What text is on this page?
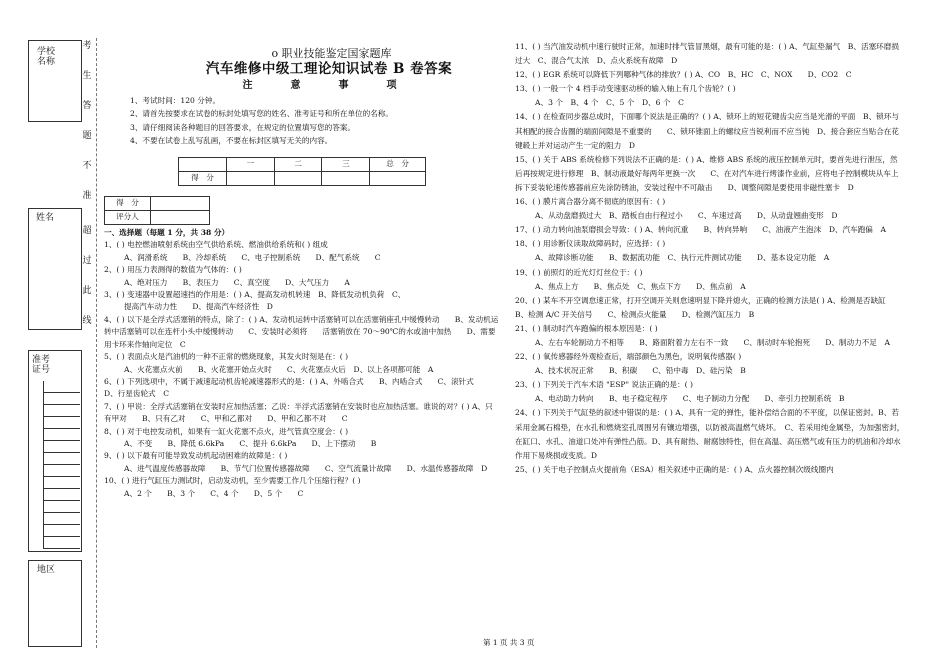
学校名称
姓名
准考证号
地区
考
生
答
题
不
准
超
过
此
线
o 职业技能鉴定国家题库
汽车维修中级工理论知识试卷 B 卷答案
注　意　事　项

1、考试时间：120 分钟。

2、请首先按要求在试卷的标封处填写您的姓名、准考证号和所在单位的名称。

3、请仔细阅读各种题目的回答要求，在规定的位置填写您的答案。

4、不要在试卷上乱写乱画，不要在标封区填写无关的内容。

	一	二	三	总　分
得　分				
得　分	
评分人	
一、选择题（每题 1 分，共 38 分）
1、( ) 电控燃油喷射系统由空气供给系统、燃油供给系统和( ) 组成
A、润滑系统　　B、冷却系统　　C、电子控制系统　　D、配气系统　　C
2、( ) 用压力表测得的数值为气体的：( )
A、绝对压力　　B、表压力　　C、真空度　　D、大气压力　　A
3、( ) 变速器中设置超速挡的作用是：( ) A、提高发动机转速　B、降低发动机负荷　C、
提高汽车动力性　　D、提高汽车经济性　D
4、( ) 以下是全浮式活塞销的特点，除了：( ) A、发动机运转中活塞销可以在活塞销座孔中缓慢转动　　B、发动机运转中活塞销可以在连杆小头中缓慢转动　　C、安装时必须将　　活塞销放在 70～90℃的水或油中加热　　D、需要用卡环来作轴向定位　C
5、( ) 表面点火是汽油机的一种不正常的燃烧现象，其发火时刻是在：( )
A、火花塞点火前　　B、火花塞开始点火时　　C、火花塞点火后　D、以上各项都可能　A
6、( ) 下列选项中，不属于减速起动机齿轮减速器形式的是：( ) A、外啮合式　　B、内啮合式　　C、滚针式　　D、行星齿轮式　C
7、( ) 甲说：全浮式活塞销在安装时应加热活塞；乙说：半浮式活塞销在安装时也应加热活塞。谁说的对？( ) A、只有甲对　　B、只有乙对　　C、甲和乙都对　　D、甲和乙都不对　　C
8、( ) 对于电控发动机，如果有一缸火花塞不点火，进气管真空度会：( )
A、不变　　B、降低 6.6kPa　　C、提升 6.6kPa　　D、上下摆动　　B
9、( ) 以下最有可能导致发动机起动困难的故障是：( )
A、进气温度传感器故障　　B、节气门位置传感器故障　　C、空气流量计故障　　D、水温传感器故障　D
10、( ) 进行气缸压力测试时，启动发动机，至少需要工作几个压缩行程？( )
A、2 个　　B、3 个　　C、4 个　　D、5 个　　C
11、( ) 当汽油发动机中速行驶时正常，加速时排气管冒黑烟，最有可能的是：( ) A、气缸垫漏气　B、活塞环磨损过大　C、混合气太浓　D、点火系统有故障　D
12、( ) EGR 系统可以降低下列哪种气体的排放？( ) A、CO　B、HC　C、NOX　　D、CO2　C
13、( ) 一般一个 4 档手动变速驱动桥的输入轴上有几个齿轮？( )
A、3 个　B、4 个　C、5 个　D、6 个　C
14、( ) 在检查同步器总成时，下面哪个说法是正确的？( ) A、锁环上的短花键齿尖应当是光滑的平面　B、锁环与其相配的接合齿圈的端面间隙是不重要的　　C、锁环锥面上的螺纹应当锐利而不应当钝　D、接合套应当贴合在花键毂上并对运动产生一定的阻力　D
15、( ) 关于 ABS 系统检修下列说法不正确的是：( ) A、维修 ABS 系统的液压控制单元时，要首先进行泄压，然后再按规定进行修理　B、制动液最好每两年更换一次　　C、在对汽车进行烤漆作业前，应将电子控制模块从车上拆下妥装轮速传感器前应先涂防锈油，安装过程中不可敲击　　D、调整间隙是要使用非磁性塞卡　D
16、( ) 膜片离合器分离不彻底的原因有：( )
A、从动盘磨损过大　B、踏板自由行程过小　　C、车速过高　　D、从动盘翘曲变形　D
17、( ) 动力转向油泵磨损会导致：( ) A、转向沉重　　B、转向异响　　C、油液产生泡沫　D、汽车跑偏　A
18、( ) 用诊断仪读取故障码时，应选择：( )
A、故障诊断功能　　B、数据流功能　C、执行元件测试功能　　D、基本设定功能　A
19、( ) 前照灯的近光灯灯丝位于：( )
A、焦点上方　　B、焦点处　C、焦点下方　　D、焦点前　A
20、( ) 某车不开空调怠速正常，打开空调开关则怠速明显下降并熄火，正确的检测方法是( ) A、检测是否缺缸　　B、检测 A/C 开关信号　　C、检测点火能量　　D、检测汽缸压力　B
21、( ) 制动时汽车跑偏的根本原因是：( )
A、左右车轮制动力不相等　　B、路面附着力左右不一致　　C、制动时车轮抱死　　D、制动力不足　A
22、( ) 氧传感器经外观检查后，端部颜色为黑色，说明氧传感器( )
A、技术状况正常　　B、积碳　　C、铅中毒　D、硅污染　B
23、( ) 下列关于汽车术语 "ESP" 说法正确的是：( )
A、电动助力转向　　B、电子稳定程序　　C、电子制动力分配　　D、牵引力控制系统　B
24、( ) 下列关于气缸垫的叙述中错误的是：( ) A、具有一定的弹性，能补偿结合面的不平度，以保证密封。B、若采用金属石棉垫，在水孔和燃烧室孔周围另有镶边增强，以防被高温燃气烧坏。　C、若采用纯金属垫，为加强密封，在缸口、水孔、油道口处冲有弹性凸筋。D、具有耐热、耐腐蚀特性，但在高温、高压燃气或有压力的机油和冷却水作用下易烧损或变质。D
25、( ) 关于电子控制点火提前角（ESA）相关叙述中正确的是：( ) A、点火器控制次级线圈内
第 1 页 共 3 页
